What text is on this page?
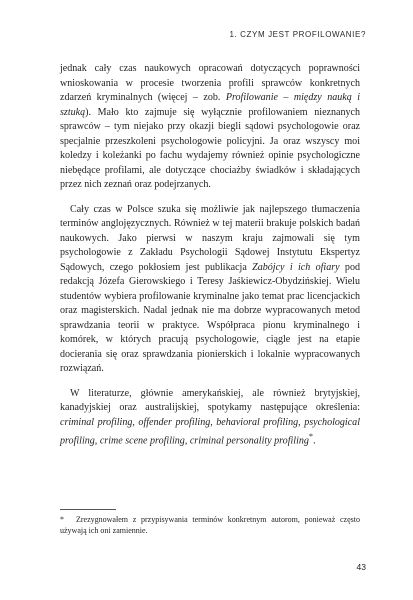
1. CZYM JEST PROFILOWANIE?

jednak cały czas naukowych opracowań dotyczących poprawności wnioskowania w procesie tworzenia profili sprawców konkretnych zdarzeń kryminalnych (więcej – zob. Profilowanie – między nauką i sztuką). Mało kto zajmuje się wyłącznie profilowaniem nieznanych sprawców – tym niejako przy okazji biegli sądowi psychologowie oraz specjalnie przeszkoleni psychologowie policyjni. Ja oraz wszyscy moi koledzy i koleżanki po fachu wydajemy również opinie psychologiczne niebędące profilami, ale dotyczące chociażby świadków i składających przez nich zeznań oraz podejrzanych.

Cały czas w Polsce szuka się możliwie jak najlepszego tłumaczenia terminów anglojęzycznych. Również w tej materii brakuje polskich badań naukowych. Jako pierwsi w naszym kraju zajmowali się tym psychologowie z Zakładu Psychologii Sądowej Instytutu Ekspertyz Sądowych, czego pokłosiem jest publikacja Zabójcy i ich ofiary pod redakcją Józefa Gierowskiego i Teresy Jaśkiewicz-Obydzińskiej. Wielu studentów wybiera profilowanie kryminalne jako temat prac licencjackich oraz magisterskich. Nadal jednak nie ma dobrze wypracowanych metod sprawdzania teorii w praktyce. Współpraca pionu kryminalnego i komórek, w których pracują psychologowie, ciągle jest na etapie docierania się oraz sprawdzania pionierskich i lokalnie wypracowanych rozwiązań.

W literaturze, głównie amerykańskiej, ale również brytyjskiej, kanadyjskiej oraz australijskiej, spotykamy następujące określenia: criminal profiling, offender profiling, behavioral profiling, psychological profiling, crime scene profiling, criminal personality profiling*.

* Zrezygnowałem z przypisywania terminów konkretnym autorom, ponieważ często używają ich oni zamiennie.
43
